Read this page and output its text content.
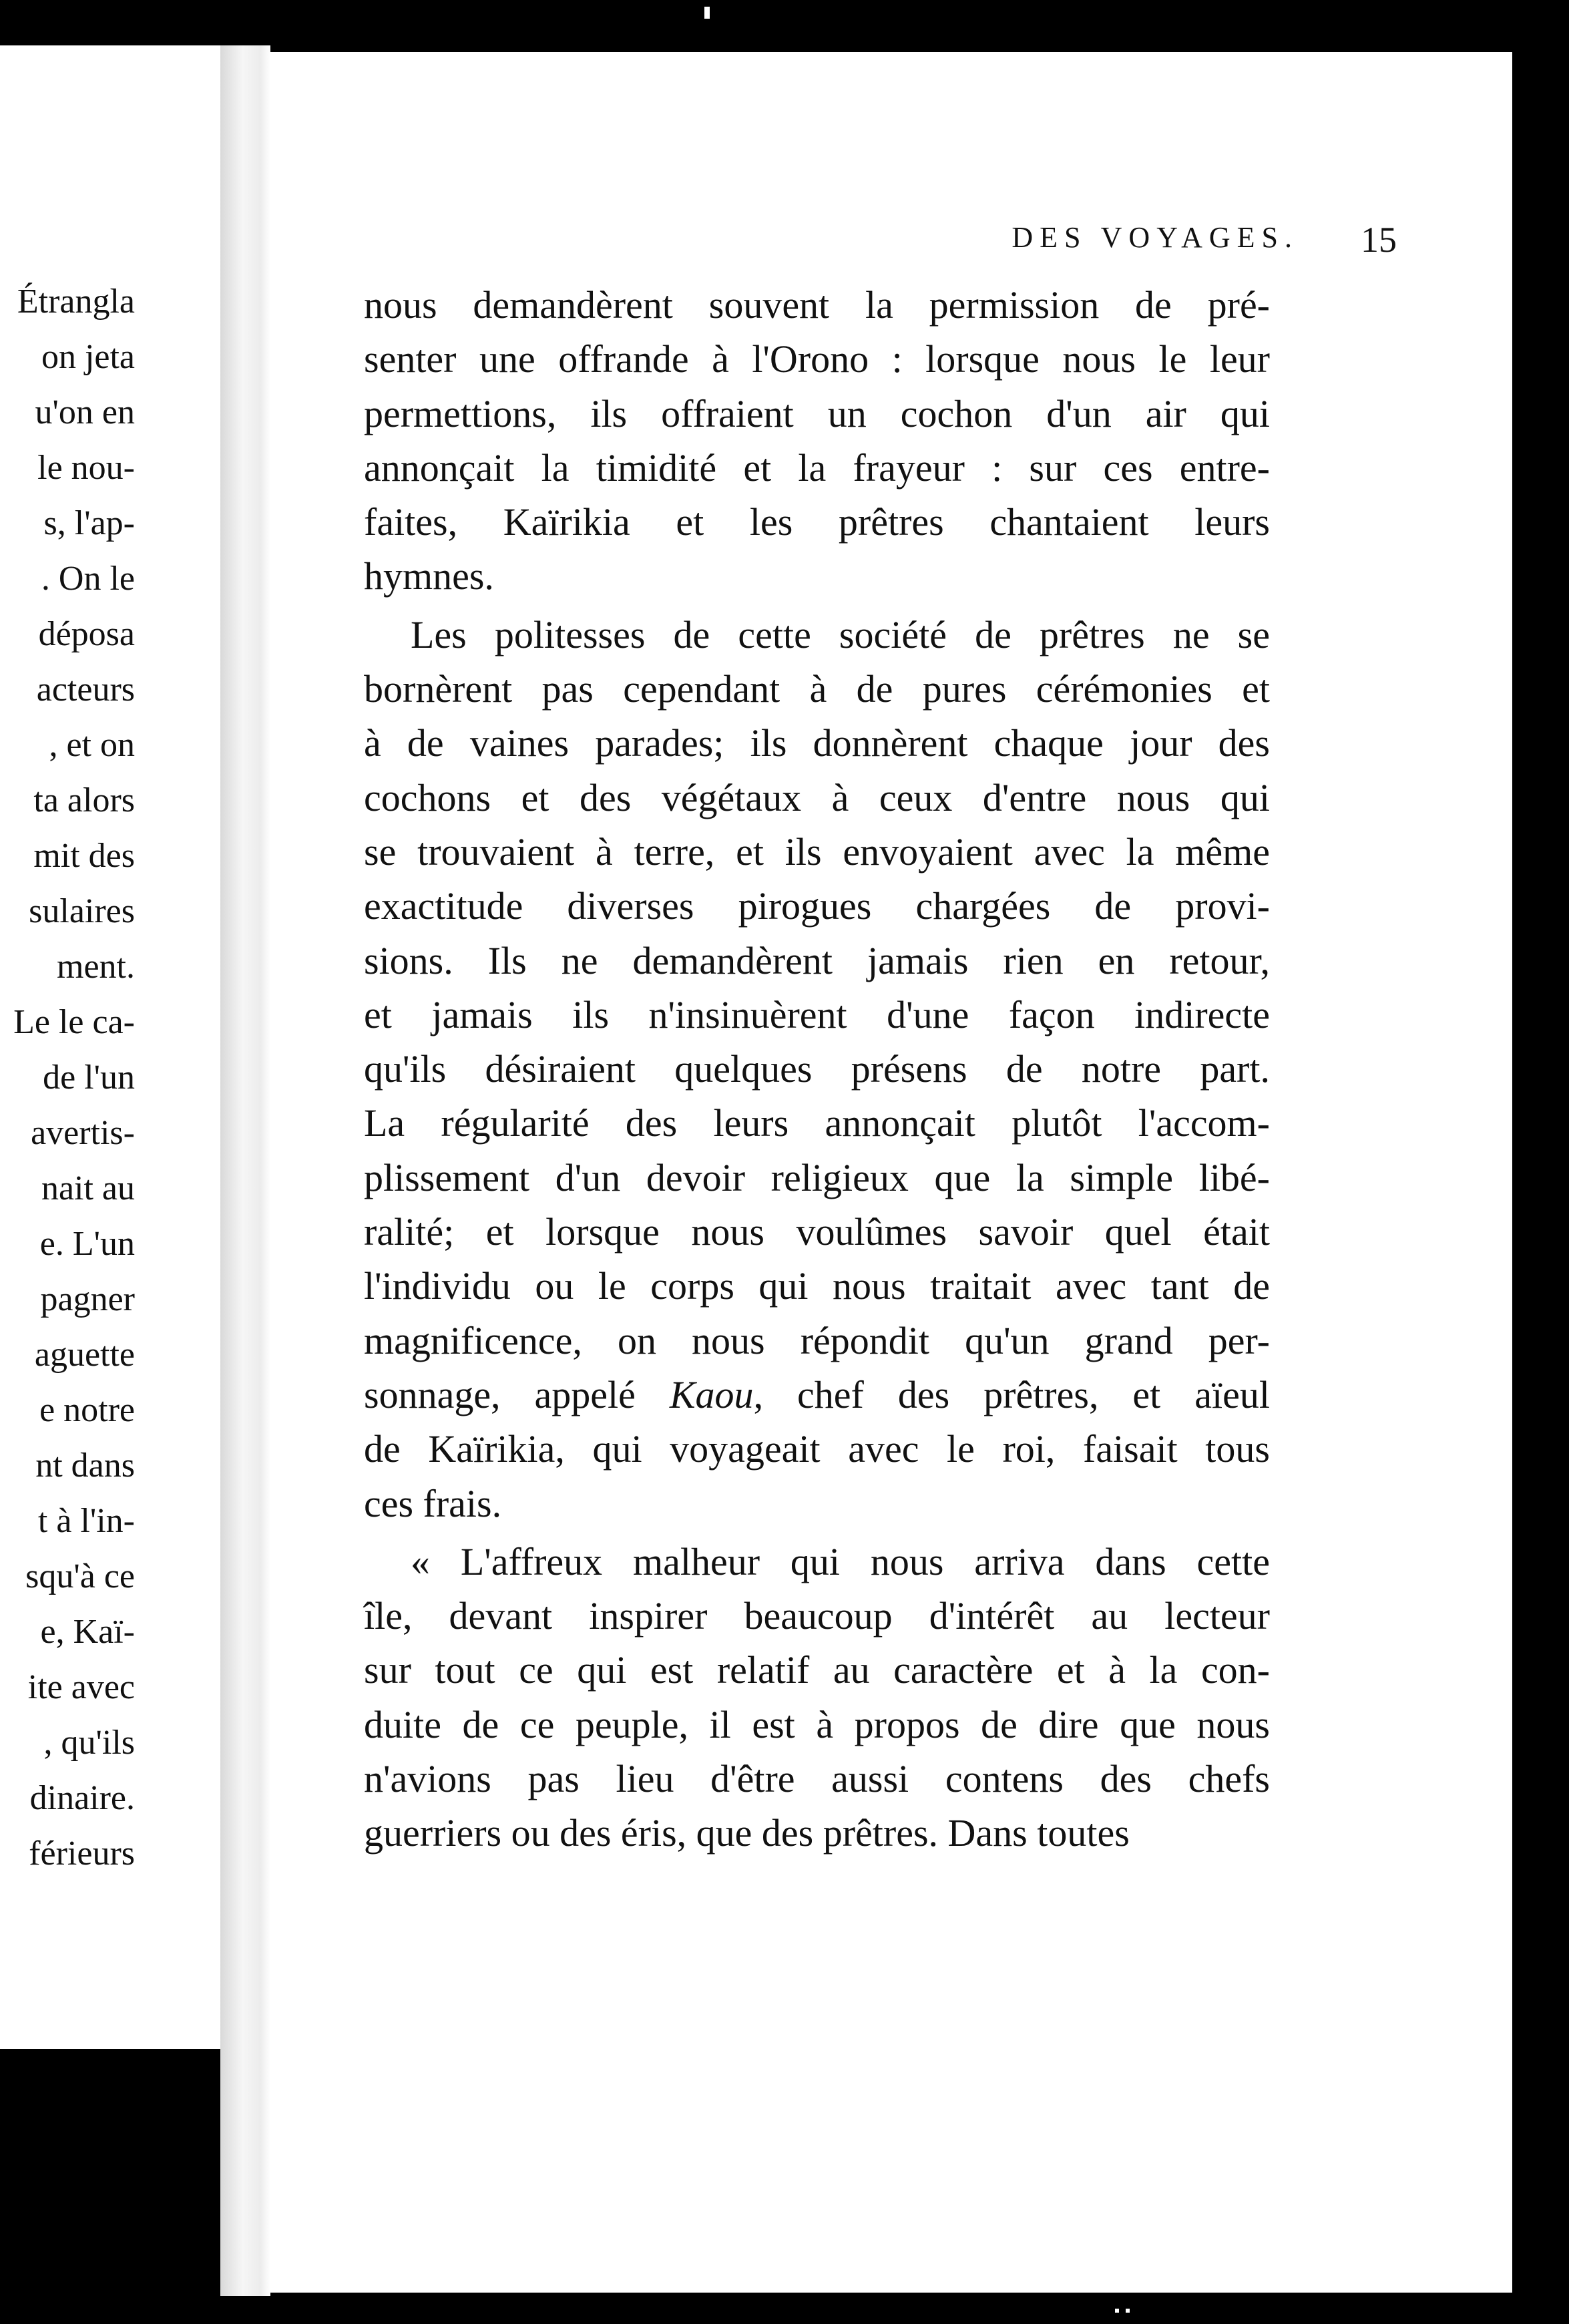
Étrangla
on jeta
u'on en
le nou-
s, l'ap-
. On le
déposa
acteurs
, et on
ta alors
mit des
sulaires
ment.
Le le ca-
de l'un
avertis-
nait au
e. L'un
pagner
aguette
e notre
nt dans
t à l'in-
squ'à ce
e, Kaï-
ite avec
, qu'ils
dinaire.
férieurs
DES VOYAGES.	15
nous demandèrent souvent la permission de pré-
senter une offrande à l'Orono : lorsque nous le leur
permettions, ils offraient un cochon d'un air qui
annonçait la timidité et la frayeur : sur ces entre-
faites, Kaïrikia et les prêtres chantaient leurs
hymnes.
Les politesses de cette société de prêtres ne se
bornèrent pas cependant à de pures cérémonies et
à de vaines parades; ils donnèrent chaque jour des
cochons et des végétaux à ceux d'entre nous qui
se trouvaient à terre, et ils envoyaient avec la même
exactitude diverses pirogues chargées de provi-
sions. Ils ne demandèrent jamais rien en retour,
et jamais ils n'insinuèrent d'une façon indirecte
qu'ils désiraient quelques présens de notre part.
La régularité des leurs annonçait plutôt l'accom-
plissement d'un devoir religieux que la simple libé-
ralité; et lorsque nous voulûmes savoir quel était
l'individu ou le corps qui nous traitait avec tant de
magnificence, on nous répondit qu'un grand per-
sonnage, appelé Kaou, chef des prêtres, et aïeul
de Kaïrikia, qui voyageait avec le roi, faisait tous
ces frais.
« L'affreux malheur qui nous arriva dans cette
île, devant inspirer beaucoup d'intérêt au lecteur
sur tout ce qui est relatif au caractère et à la con-
duite de ce peuple, il est à propos de dire que nous
n'avions pas lieu d'être aussi contens des chefs
guerriers ou des éris, que des prêtres. Dans toutes
